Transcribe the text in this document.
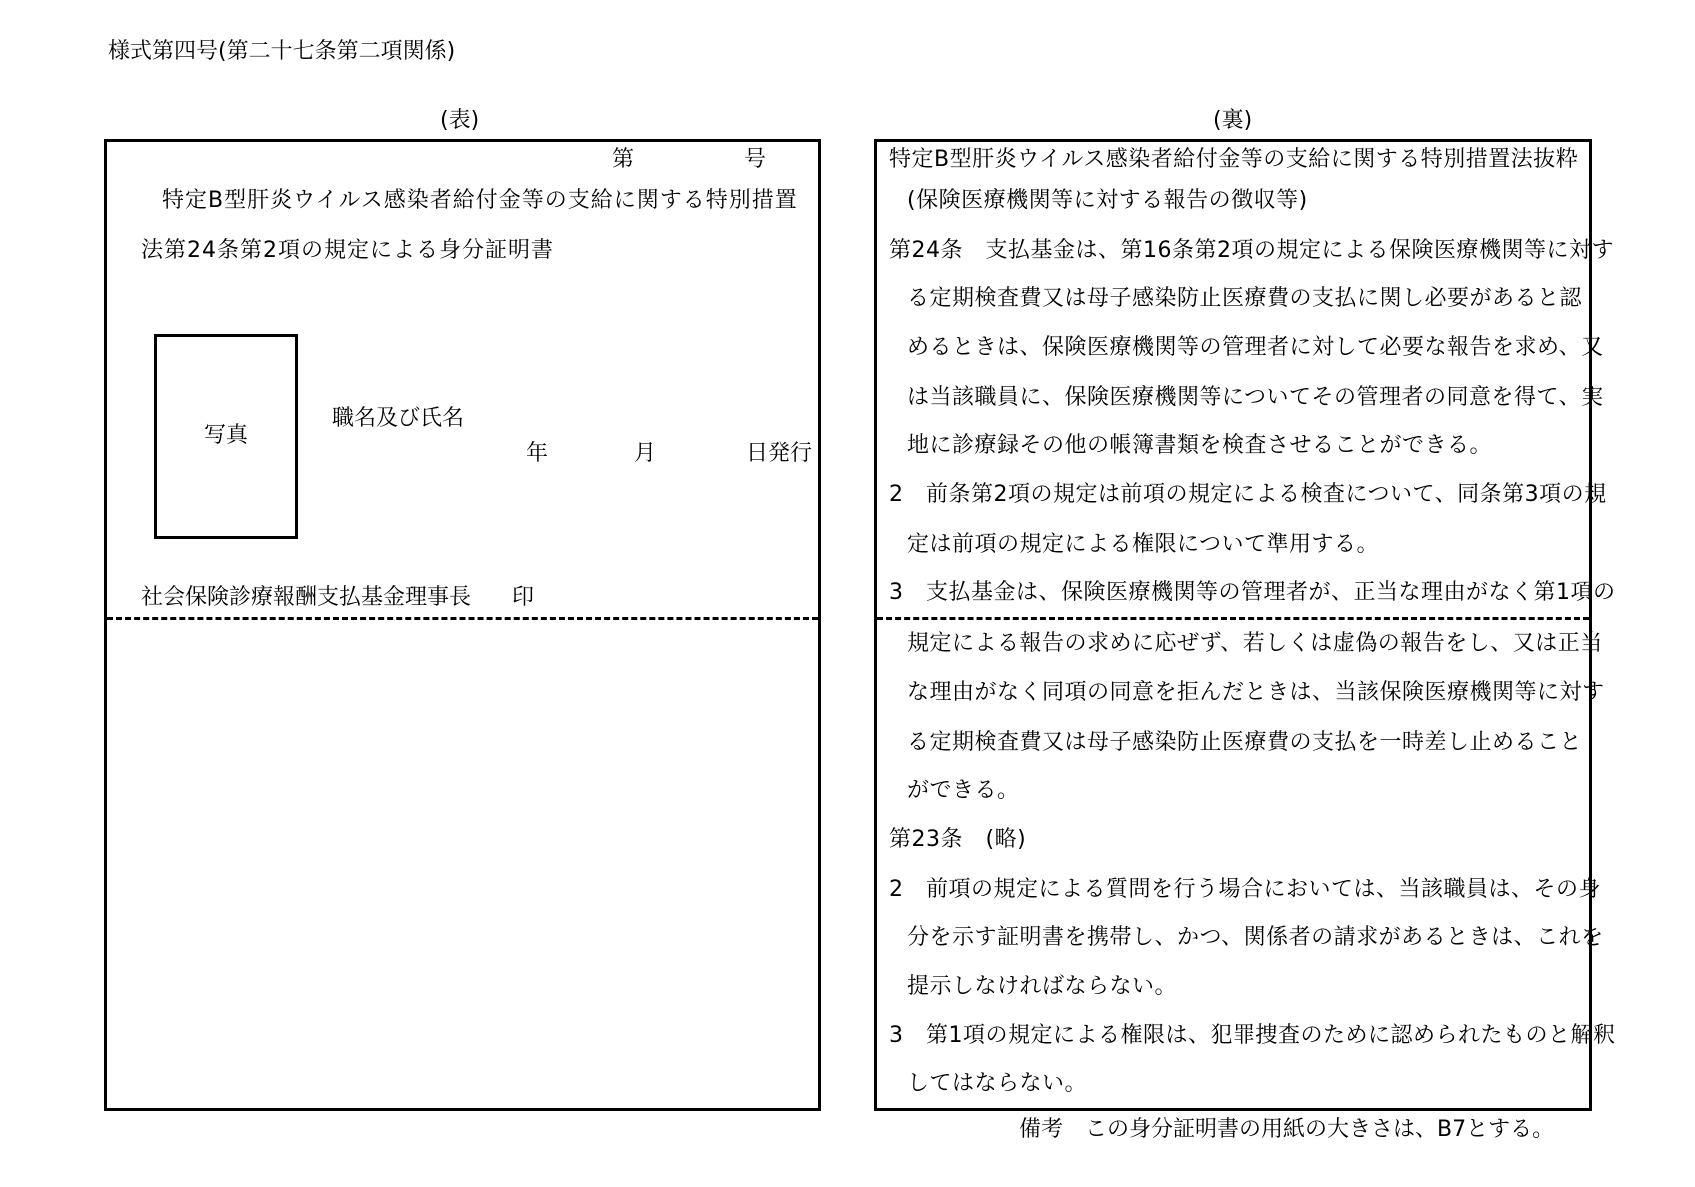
様式第四号(第二十七条第二項関係)
(表)
第	号
特定B型肝炎ウイルス感染者給付金等の支給に関する特別措置
法第24条第2項の規定による身分証明書
写真
職名及び氏名
年	月	日発行
社会保険診療報酬支払基金理事長 印
(裏)
特定B型肝炎ウイルス感染者給付金等の支給に関する特別措置法抜粋
(保険医療機関等に対する報告の徴収等)
第24条　支払基金は、第16条第2項の規定による保険医療機関等に対す
る定期検査費又は母子感染防止医療費の支払に関し必要があると認
めるときは、保険医療機関等の管理者に対して必要な報告を求め、又
は当該職員に、保険医療機関等についてその管理者の同意を得て、実
地に診療録その他の帳簿書類を検査させることができる。
2　前条第2項の規定は前項の規定による検査について、同条第3項の規
定は前項の規定による権限について準用する。
3　支払基金は、保険医療機関等の管理者が、正当な理由がなく第1項の
規定による報告の求めに応ぜず、若しくは虚偽の報告をし、又は正当
な理由がなく同項の同意を拒んだときは、当該保険医療機関等に対す
る定期検査費又は母子感染防止医療費の支払を一時差し止めること
ができる。
第23条　(略)
2　前項の規定による質問を行う場合においては、当該職員は、その身
分を示す証明書を携帯し、かつ、関係者の請求があるときは、これを
提示しなければならない。
3　第1項の規定による権限は、犯罪捜査のために認められたものと解釈
してはならない。
備考　この身分証明書の用紙の大きさは、B7とする。
